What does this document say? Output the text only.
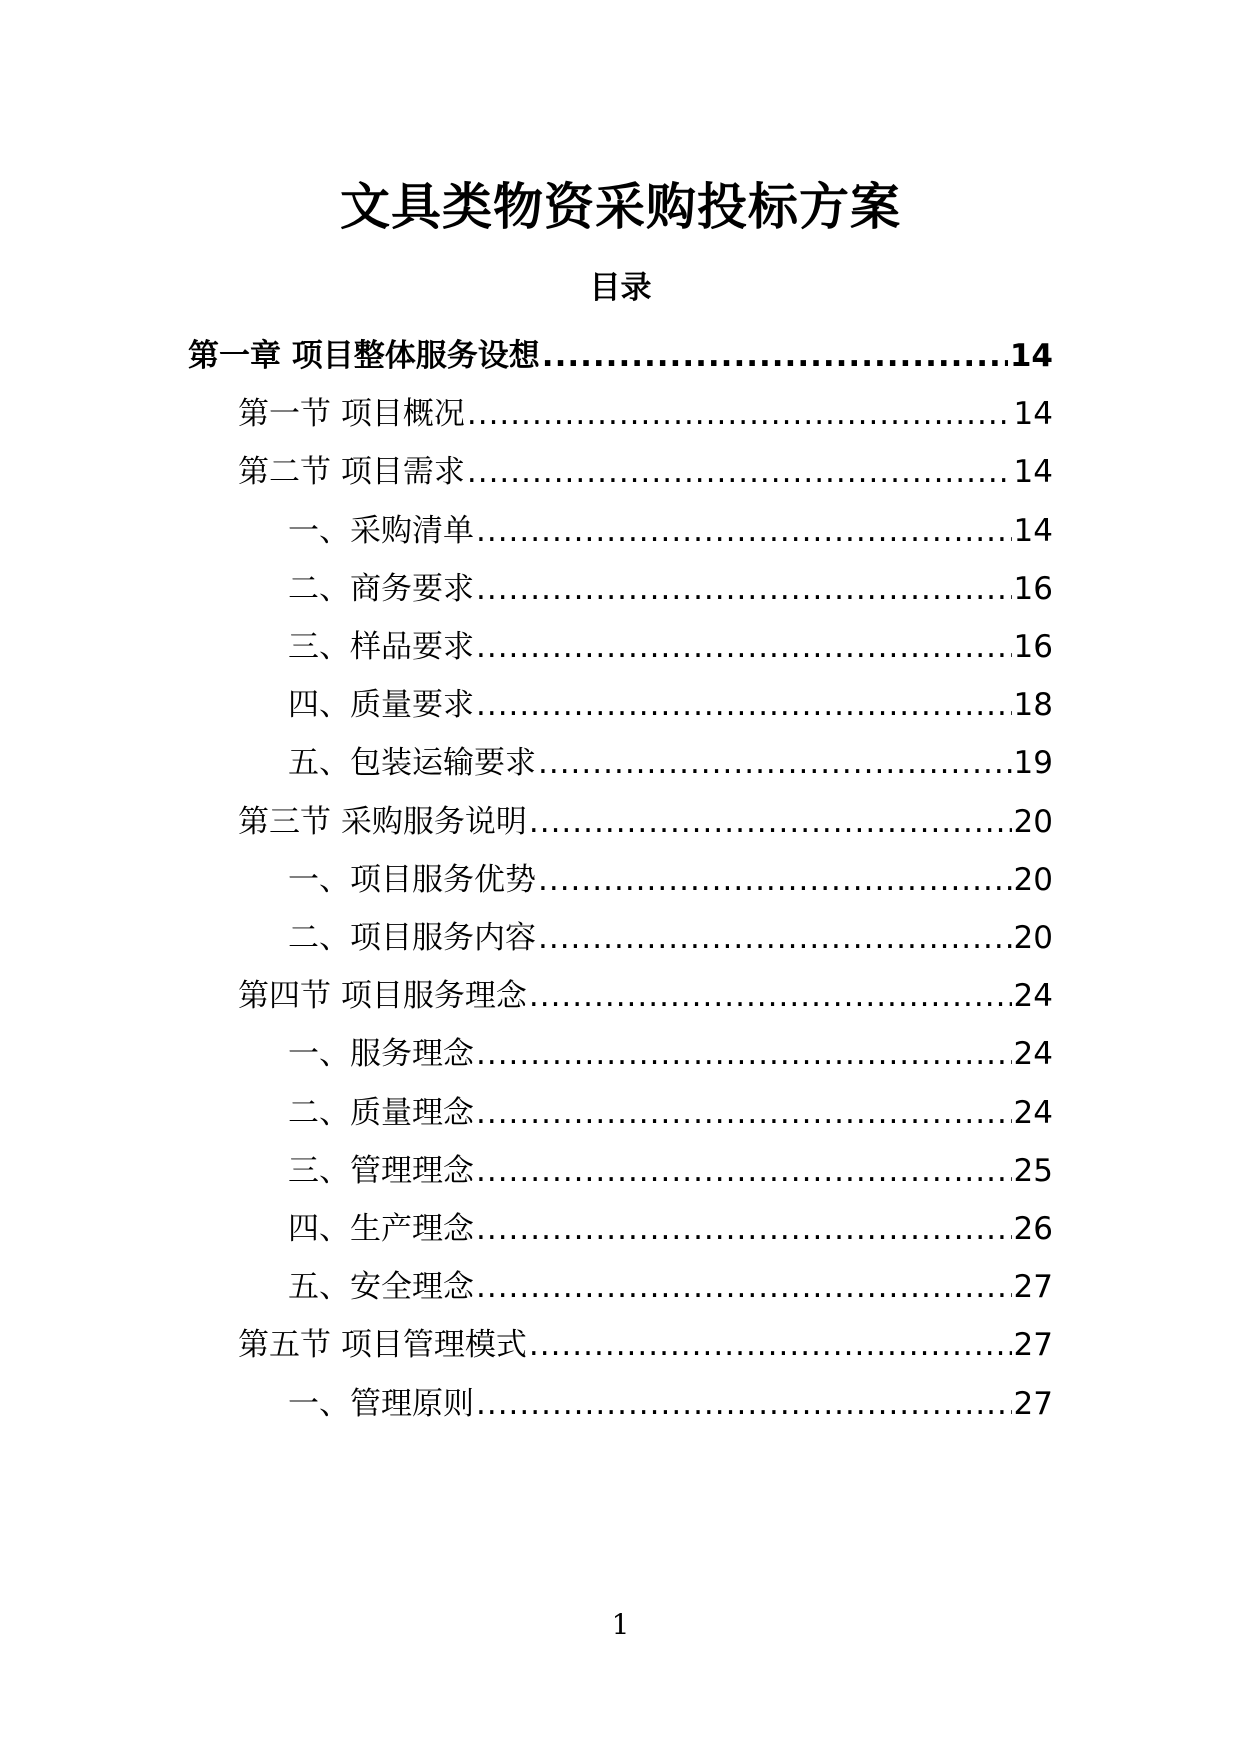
文具类物资采购投标方案
目录
第一章 项目整体服务设想 .....	14
第一节 项目概况 .....	14
第二节 项目需求 .....	14
一、采购清单 .....	14
二、商务要求 .....	16
三、样品要求 .....	16
四、质量要求 .....	18
五、包装运输要求 .....	19
第三节 采购服务说明 .....	20
一、项目服务优势 .....	20
二、项目服务内容 .....	20
第四节 项目服务理念 .....	24
一、服务理念 .....	24
二、质量理念 .....	24
三、管理理念 .....	25
四、生产理念 .....	26
五、安全理念 .....	27
第五节 项目管理模式 .....	27
一、管理原则 .....	27
1
